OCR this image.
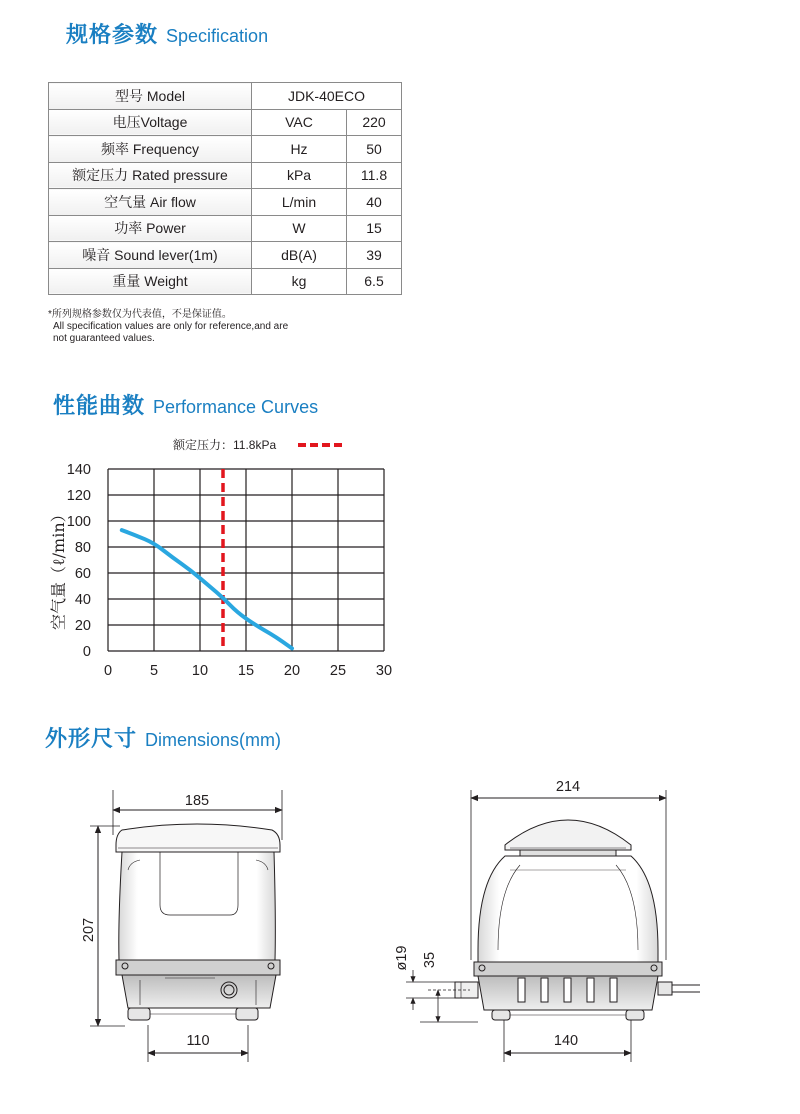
规格参数 Specification
型号 Model	JDK-40ECO	
电压Voltage	VAC	220
频率 Frequency	Hz	50
额定压力 Rated pressure	kPa	11.8
空气量 Air flow	L/min	40
功率 Power	W	15
噪音 Sound lever(1m)	dB(A)	39
重量 Weight	kg	6.5
*所列规格参数仅为代表值，不是保证值。
All specification values are only for reference,and are
not guaranteed values.
性能曲数 Performance Curves
外形尺寸 Dimensions(mm)
额定压力：11.8kPa
0	5 10 15 20 25 30
0
20
40
60
80
100
120
140
空气量（ℓ/min）
185
207
110
214
140
ø19 35
